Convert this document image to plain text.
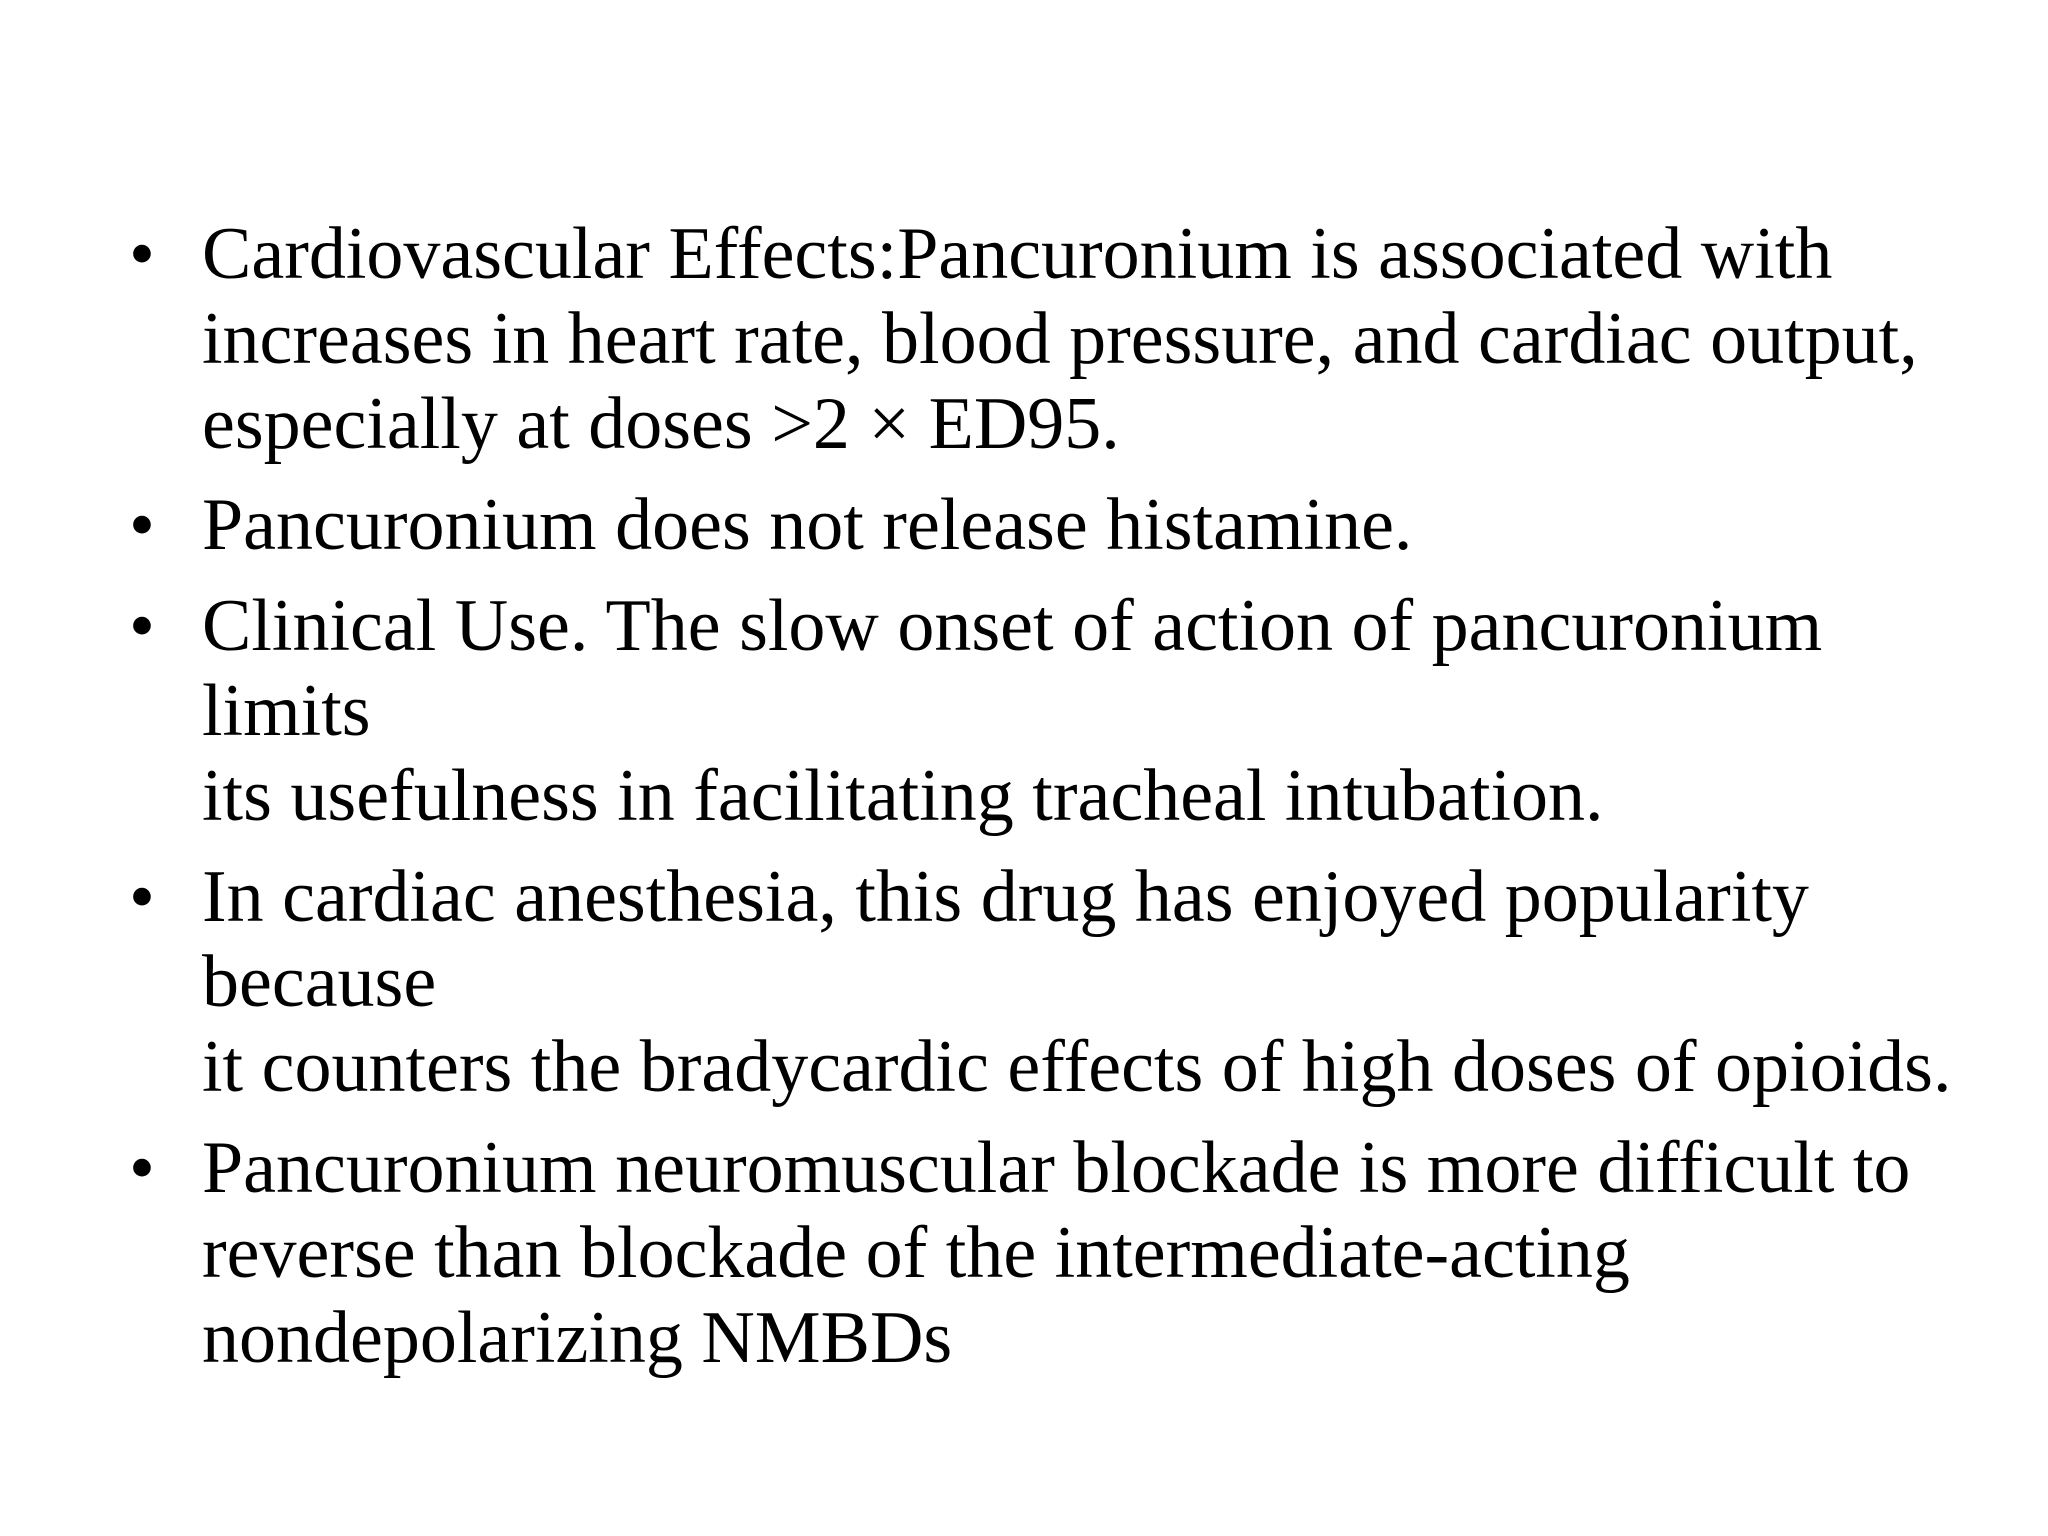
• Cardiovascular Effects:Pancuronium is associated with
increases in heart rate, blood pressure, and cardiac output,
especially at doses >2 × ED95.
• Pancuronium does not release histamine.
• Clinical Use. The slow onset of action of pancuronium limits
its usefulness in facilitating tracheal intubation.
• In cardiac anesthesia, this drug has enjoyed popularity because
it counters the bradycardic effects of high doses of opioids.
• Pancuronium neuromuscular blockade is more difficult to
reverse than blockade of the intermediate-acting
nondepolarizing NMBDs
